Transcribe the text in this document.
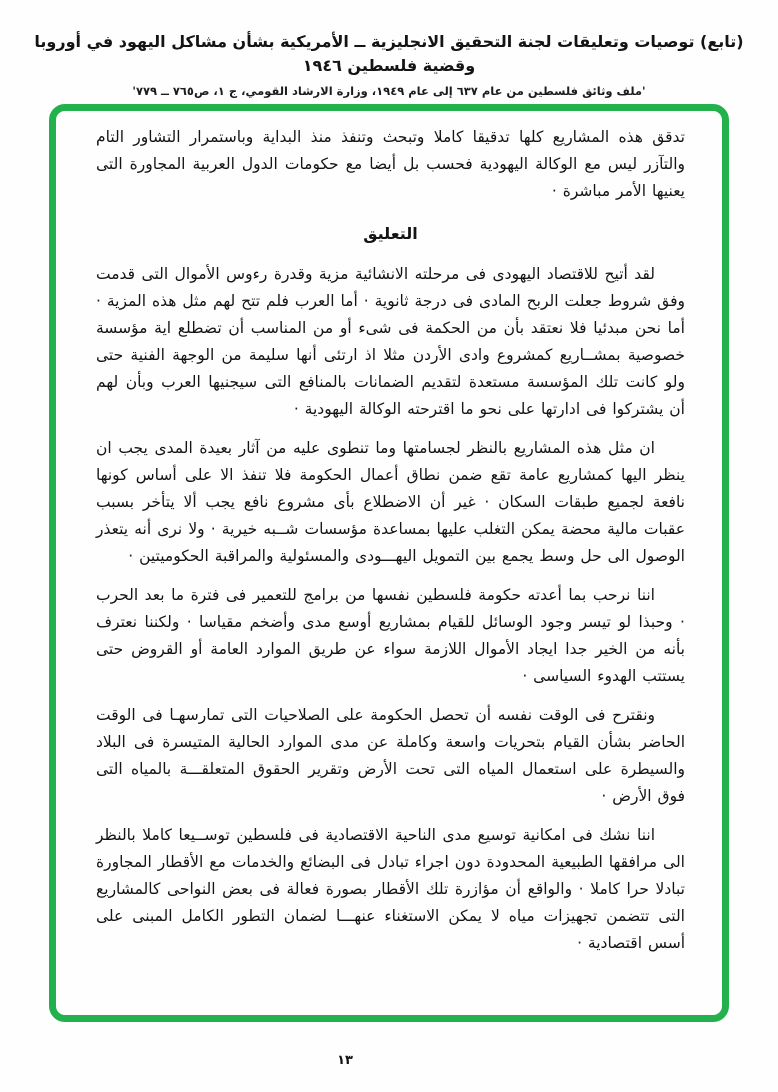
(تابع) توصيات وتعليقات لجنة التحقيق الانجليزية ــ الأمريكية بشأن مشاكل اليهود في أوروبا وقضية فلسطين ١٩٤٦
'ملف وثائق فلسطين من عام ٦٣٧ إلى عام ١٩٤٩، وزارة الارشاد القومي، ج ١، ص٧٦٥ ــ ٧٧٩'

تدقق هذه المشاريع كلها تدقيقا كاملا وتبحث وتنفذ منذ البداية وباستمرار التشاور التام والتآزر ليس مع الوكالة اليهودية فحسب بل أيضا مع حكومات الدول العربية المجاورة التى يعنيها الأمر مباشرة ·

التعليق

لقد أتيح للاقتصاد اليهودى فى مرحلته الانشائية مزية وقدرة رءوس الأموال التى قدمت وفق شروط جعلت الربح المادى فى درجة ثانوية · أما العرب فلم تتح لهم مثل هذه المزية · أما نحن مبدئيا فلا نعتقد بأن من الحكمة فى شىء أو من المناسب أن تضطلع اية مؤسسة خصوصية بمشــاريع كمشروع وادى الأردن مثلا اذ ارتئى أنها سليمة من الوجهة الفنية حتى ولو كانت تلك المؤسسة مستعدة لتقديم الضمانات بالمنافع التى سيجنيها العرب وبأن لهم أن يشتركوا فى ادارتها على نحو ما اقترحته الوكالة اليهودية ·

ان مثل هذه المشاريع بالنظر لجسامتها وما تنطوى عليه من آثار بعيدة المدى يجب ان ينظر اليها كمشاريع عامة تقع ضمن نطاق أعمال الحكومة فلا تنفذ الا على أساس كونها نافعة لجميع طبقات السكان · غير أن الاضطلاع بأى مشروع نافع يجب ألا يتأخر بسبب عقبات مالية محضة يمكن التغلب عليها بمساعدة مؤسسات شــبه خيرية · ولا نرى أنه يتعذر الوصول الى حل وسط يجمع بين التمويل اليهـــودى والمسئولية والمراقبة الحكوميتين ·

اننا نرحب بما أعدته حكومة فلسطين نفسها من برامج للتعمير فى فترة ما بعد الحرب · وحبذا لو تيسر وجود الوسائل للقيام بمشاريع أوسع مدى وأضخم مقياسا · ولكننا نعترف بأنه من الخير جدا ايجاد الأموال اللازمة سواء عن طريق الموارد العامة أو القروض حتى يستتب الهدوء السياسى ·

ونقترح فى الوقت نفسه أن تحصل الحكومة على الصلاحيات التى تمارسهـا فى الوقت الحاضر بشأن القيام بتحريات واسعة وكاملة عن مدى الموارد الحالية المتيسرة فى البلاد والسيطرة على استعمال المياه التى تحت الأرض وتقرير الحقوق المتعلقـــة بالمياه التى فوق الأرض ·

اننا نشك فى امكانية توسيع مدى الناحية الاقتصادية فى فلسطين توســيعا كاملا بالنظر الى مرافقها الطبيعية المحدودة دون اجراء تبادل فى البضائع والخدمات مع الأقطار المجاورة تبادلا حرا كاملا · والواقع أن مؤازرة تلك الأقطار بصورة فعالة فى بعض النواحى كالمشاريع التى تتضمن تجهيزات مياه لا يمكن الاستغناء عنهـــا لضمان التطور الكامل المبنى على أسس اقتصادية ·

١٣
